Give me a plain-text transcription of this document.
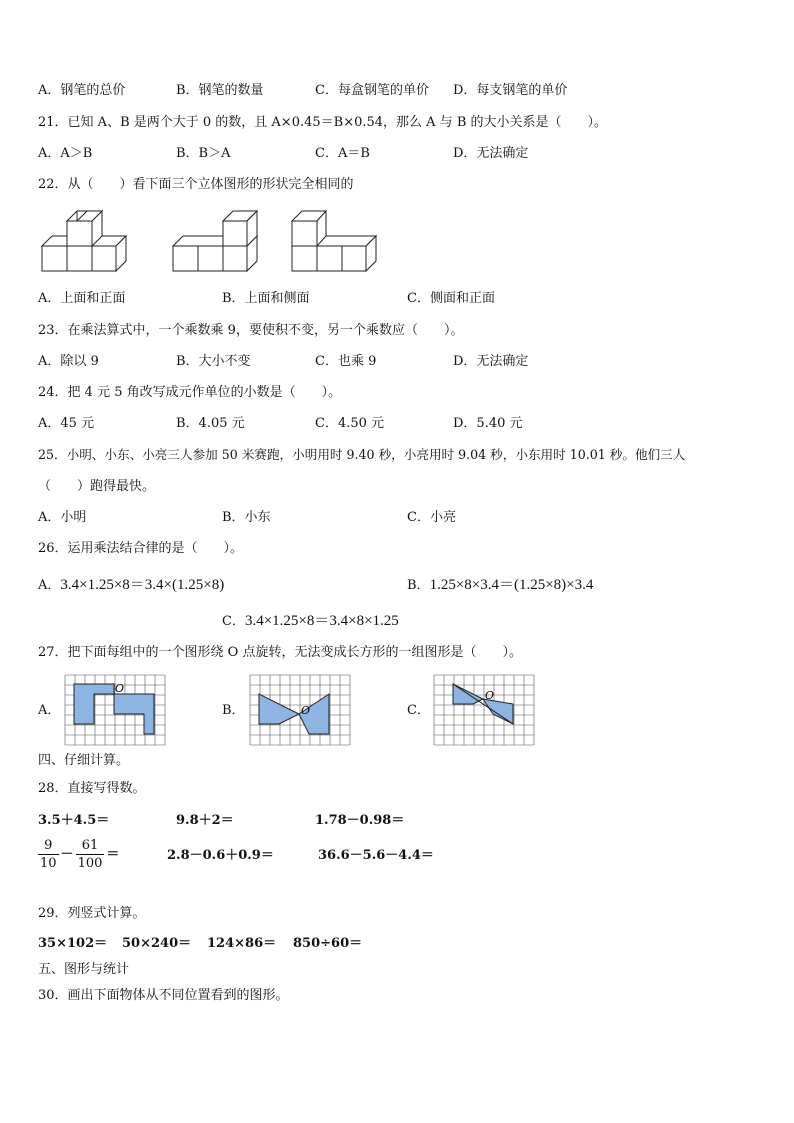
A．钢笔的总价	B．钢笔的数量	C．每盒钢笔的单价 D．每支钢笔的单价
21．已知 A、B 是两个大于 0 的数，且 A×0.45＝B×0.54，那么 A 与 B 的大小关系是（　　）。
A．A＞B	B．B＞A	C．A＝B	D．无法确定
22．从（　　）看下面三个立体图形的形状完全相同的
A．上面和正面	B．上面和侧面	C．侧面和正面
23．在乘法算式中，一个乘数乘 9，要使积不变，另一个乘数应（　　）。
A．除以 9	B．大小不变	C．也乘 9	D．无法确定
24．把 4 元 5 角改写成元作单位的小数是（　　）。
A．45 元	B．4.05 元	C．4.50 元	D．5.40 元
25．小明、小东、小亮三人参加 50 米赛跑，小明用时 9.40 秒，小亮用时 9.04 秒，小东用时 10.01 秒。他们三人
（　　）跑得最快。
A．小明	B．小东	C．小亮
26．运用乘法结合律的是（　　）。
A．3.4×1.25×8＝3.4×(1.25×8)	B．1.25×8×3.4＝(1.25×8)×3.4
C．3.4×1.25×8＝3.4×8×1.25
27．把下面每组中的一个图形绕 O 点旋转，无法变成长方形的一组图形是（　　）。
A．	B．	C．
O
O
O
四、仔细计算。
28．直接写得数。
3.5＋4.5＝	9.8＋2＝	1.78－0.98＝
$\frac{9}{10} - \frac{61}{100}$ ＝	2.8－0.6＋0.9＝	36.6－5.6－4.4＝
29．列竖式计算。
35×102＝ 50×240＝ 124×86＝ 850÷60＝
五、图形与统计
30．画出下面物体从不同位置看到的图形。
